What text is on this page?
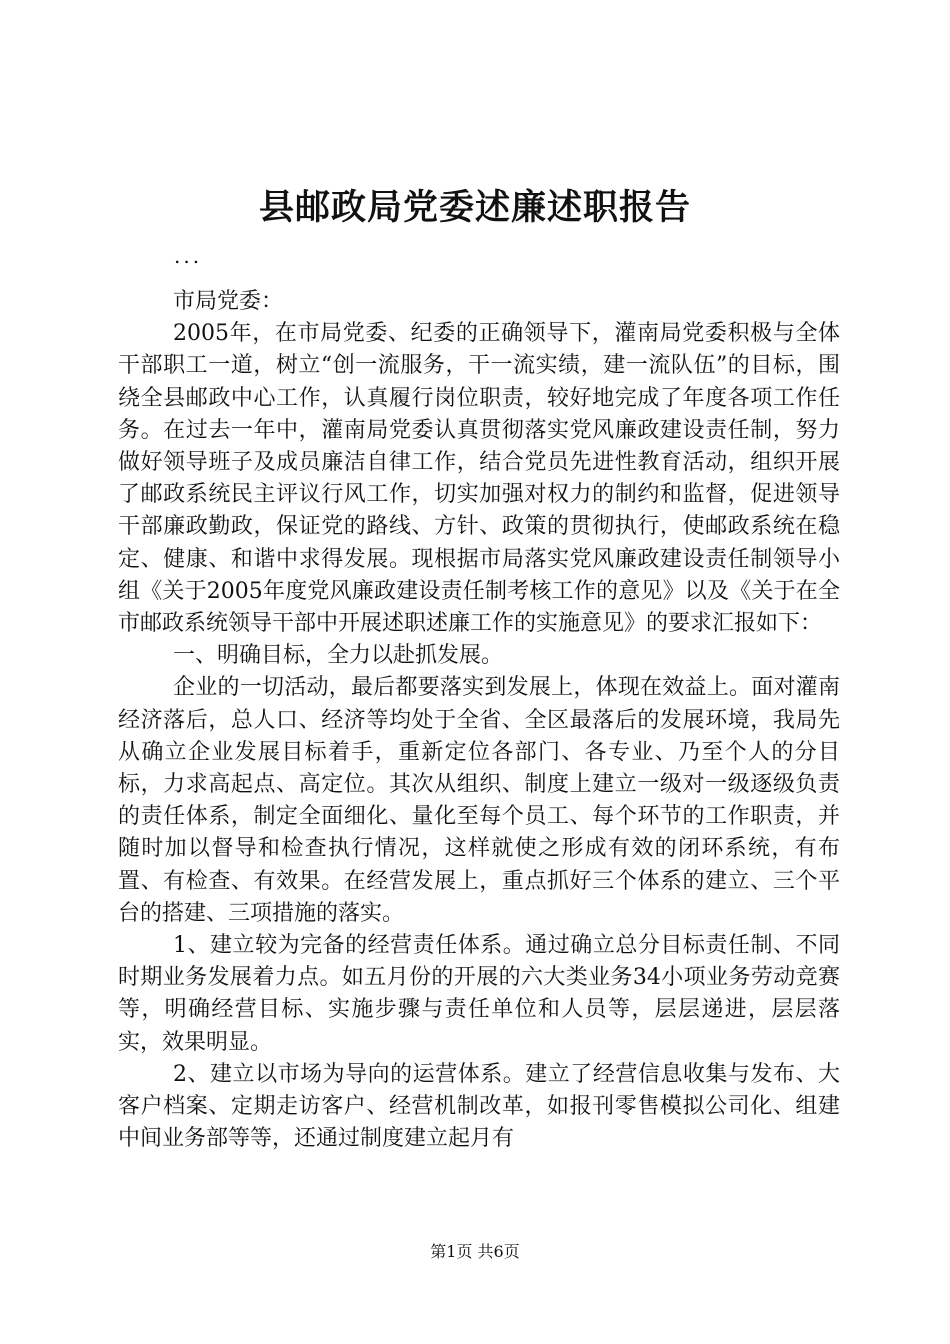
县邮政局党委述廉述职报告

...

市局党委：

2005年，在市局党委、纪委的正确领导下，灌南局党委积极与全体干部职工一道，树立“创一流服务，干一流实绩，建一流队伍”的目标，围绕全县邮政中心工作，认真履行岗位职责，较好地完成了年度各项工作任务。在过去一年中，灌南局党委认真贯彻落实党风廉政建设责任制，努力做好领导班子及成员廉洁自律工作，结合党员先进性教育活动，组织开展了邮政系统民主评议行风工作，切实加强对权力的制约和监督，促进领导干部廉政勤政，保证党的路线、方针、政策的贯彻执行，使邮政系统在稳定、健康、和谐中求得发展。现根据市局落实党风廉政建设责任制领导小组《关于2005年度党风廉政建设责任制考核工作的意见》以及《关于在全市邮政系统领导干部中开展述职述廉工作的实施意见》的要求汇报如下：

一、明确目标，全力以赴抓发展。

企业的一切活动，最后都要落实到发展上，体现在效益上。面对灌南经济落后，总人口、经济等均处于全省、全区最落后的发展环境，我局先从确立企业发展目标着手，重新定位各部门、各专业、乃至个人的分目标，力求高起点、高定位。其次从组织、制度上建立一级对一级逐级负责的责任体系，制定全面细化、量化至每个员工、每个环节的工作职责，并随时加以督导和检查执行情况，这样就使之形成有效的闭环系统，有布置、有检查、有效果。在经营发展上，重点抓好三个体系的建立、三个平台的搭建、三项措施的落实。

1、建立较为完备的经营责任体系。通过确立总分目标责任制、不同时期业务发展着力点。如五月份的开展的六大类业务34小项业务劳动竞赛等，明确经营目标、实施步骤与责任单位和人员等，层层递进，层层落实，效果明显。

2、建立以市场为导向的运营体系。建立了经营信息收集与发布、大客户档案、定期走访客户、经营机制改革，如报刊零售模拟公司化、组建中间业务部等等，还通过制度建立起月有

第1页 共6页
